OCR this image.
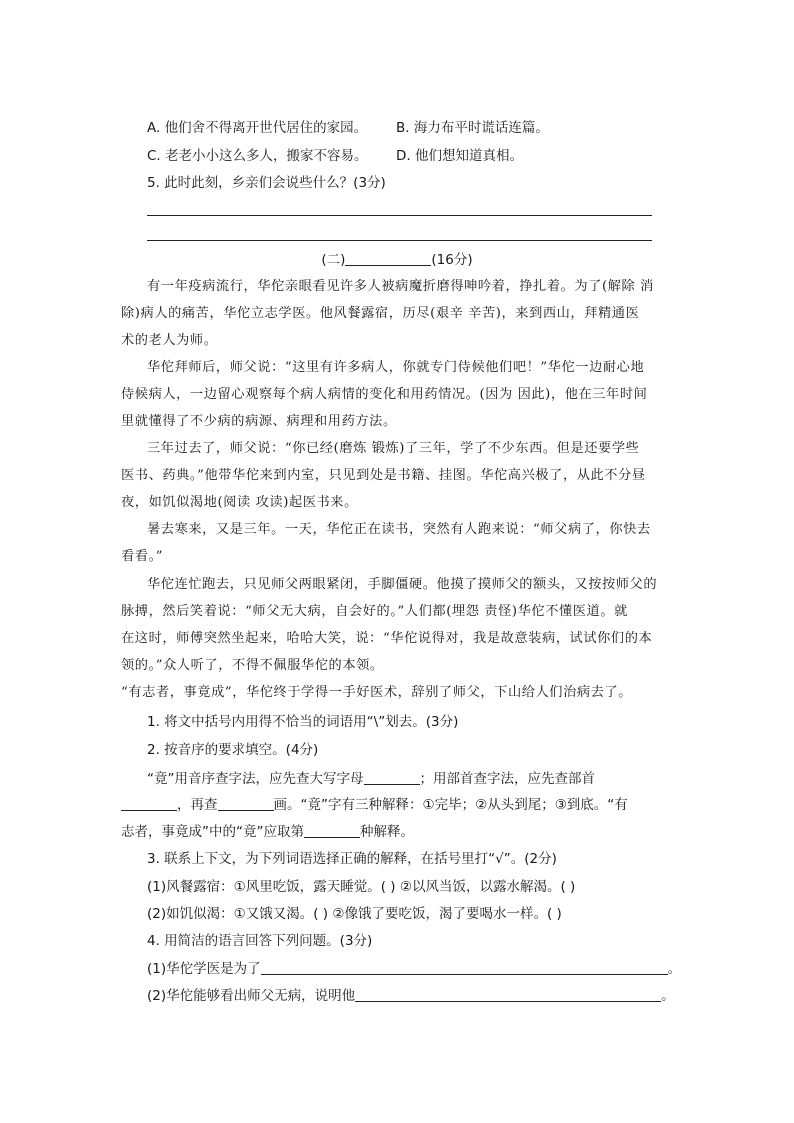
A. 他们舍不得离开世代居住的家园。 B. 海力布平时谎话连篇。
C. 老老小小这么多人，搬家不容易。 D. 他们想知道真相。
5. 此时此刻，乡亲们会说些什么？(3分)
(二)	(16分)
有一年疫病流行，华佗亲眼看见许多人被病魔折磨得呻吟着，挣扎着。为了(解除 消
除)病人的痛苦，华佗立志学医。他风餐露宿，历尽(艰辛 辛苦)，来到西山，拜精通医
术的老人为师。
华佗拜师后，师父说：“这里有许多病人，你就专门侍候他们吧！”华佗一边耐心地
侍候病人，一边留心观察每个病人病情的变化和用药情况。(因为 因此)，他在三年时间
里就懂得了不少病的病源、病理和用药方法。
三年过去了，师父说：“你已经(磨炼 锻炼)了三年，学了不少东西。但是还要学些
医书、药典。”他带华佗来到内室，只见到处是书籍、挂图。华佗高兴极了，从此不分昼
夜，如饥似渴地(阅读 攻读)起医书来。
暑去寒来，又是三年。一天，华佗正在读书，突然有人跑来说：“师父病了，你快去
看看。”
华佗连忙跑去，只见师父两眼紧闭，手脚僵硬。他摸了摸师父的额头，又按按师父的
脉搏，然后笑着说：“师父无大病，自会好的。”人们都(埋怨 责怪)华佗不懂医道。就
在这时，师傅突然坐起来，哈哈大笑，说：“华佗说得对，我是故意装病，试试你们的本
领的。”众人听了，不得不佩服华佗的本领。
“有志者，事竟成”，华佗终于学得一手好医术，辞别了师父，下山给人们治病去了。
1. 将文中括号内用得不恰当的词语用“\”划去。(3分)
2. 按音序的要求填空。(4分)
“竟”用音序查字法，应先查大写字母	；用部首查字法，应先查部首
，再查	画。“竟”字有三种解释：①完毕；②从头到尾；③到底。“有
志者，事竟成”中的“竟”应取第	种解释。
3. 联系上下文，为下列词语选择正确的解释，在括号里打“√”。(2分)
(1)风餐露宿：①风里吃饭，露天睡觉。( ) ②以风当饭，以露水解渴。( )
(2)如饥似渴：①又饿又渴。( ) ②像饿了要吃饭，渴了要喝水一样。( )
4. 用简洁的语言回答下列问题。(3分)
(1)华佗学医是为了	。
(2)华佗能够看出师父无病，说明他	。
